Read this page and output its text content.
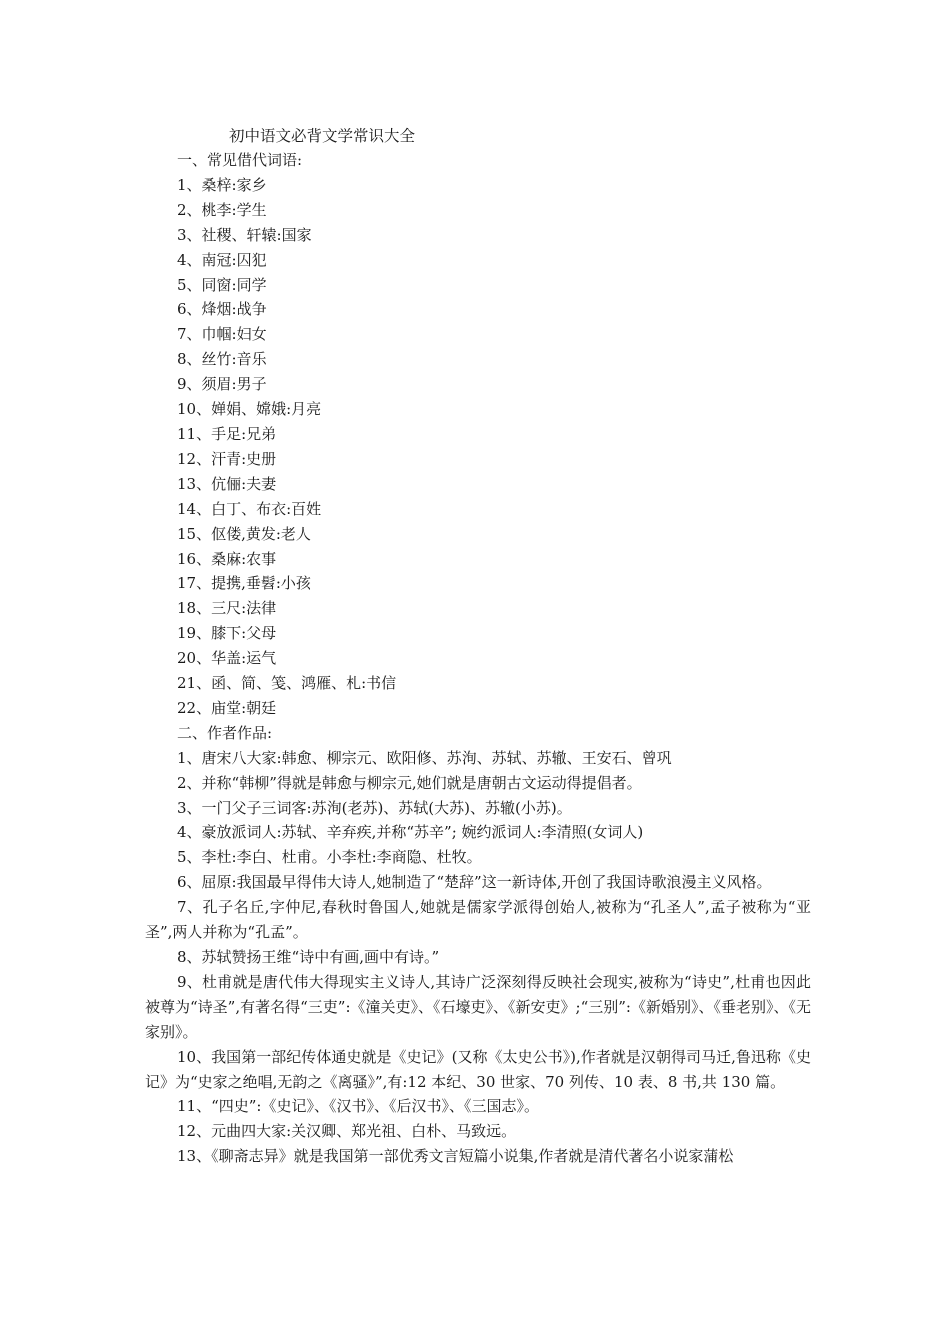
初中语文必背文学常识大全
一、常见借代词语:
1、桑梓:家乡
2、桃李:学生
3、社稷、轩辕:国家
4、南冠:囚犯
5、同窗:同学
6、烽烟:战争
7、巾帼:妇女
8、丝竹:音乐
9、须眉:男子
10、婵娟、嫦娥:月亮
11、手足:兄弟
12、汗青:史册
13、伉俪:夫妻
14、白丁、布衣:百姓
15、伛偻,黄发:老人
16、桑麻:农事
17、提携,垂髫:小孩
18、三尺:法律
19、膝下:父母
20、华盖:运气
21、函、简、笺、鸿雁、札:书信
22、庙堂:朝廷
二、作者作品:
1、唐宋八大家:韩愈、柳宗元、欧阳修、苏洵、苏轼、苏辙、王安石、曾巩
2、并称“韩柳”得就是韩愈与柳宗元,她们就是唐朝古文运动得提倡者。
3、一门父子三词客:苏洵(老苏)、苏轼(大苏)、苏辙(小苏)。
4、豪放派词人:苏轼、辛弃疾,并称“苏辛”; 婉约派词人:李清照(女词人)
5、李杜:李白、杜甫。小李杜:李商隐、杜牧。
6、屈原:我国最早得伟大诗人,她制造了“楚辞”这一新诗体,开创了我国诗歌浪漫主义风格。
7、孔子名丘,字仲尼,春秋时鲁国人,她就是儒家学派得创始人,被称为“孔圣人”,孟子被称为“亚圣”,两人并称为“孔孟”。
8、苏轼赞扬王维“诗中有画,画中有诗。”
9、杜甫就是唐代伟大得现实主义诗人,其诗广泛深刻得反映社会现实,被称为“诗史”,杜甫也因此被尊为“诗圣”,有著名得“三吏”:《潼关吏》、《石壕吏》、《新安吏》;“三别”:《新婚别》、《垂老别》、《无家别》。
10、我国第一部纪传体通史就是《史记》(又称《太史公书》),作者就是汉朝得司马迁,鲁迅称《史记》为“史家之绝唱,无韵之《离骚》”,有:12 本纪、30 世家、70 列传、10 表、8 书,共 130 篇。
11、“四史”:《史记》、《汉书》、《后汉书》、《三国志》。
12、元曲四大家:关汉卿、郑光祖、白朴、马致远。
13、《聊斋志异》就是我国第一部优秀文言短篇小说集,作者就是清代著名小说家蒲松
